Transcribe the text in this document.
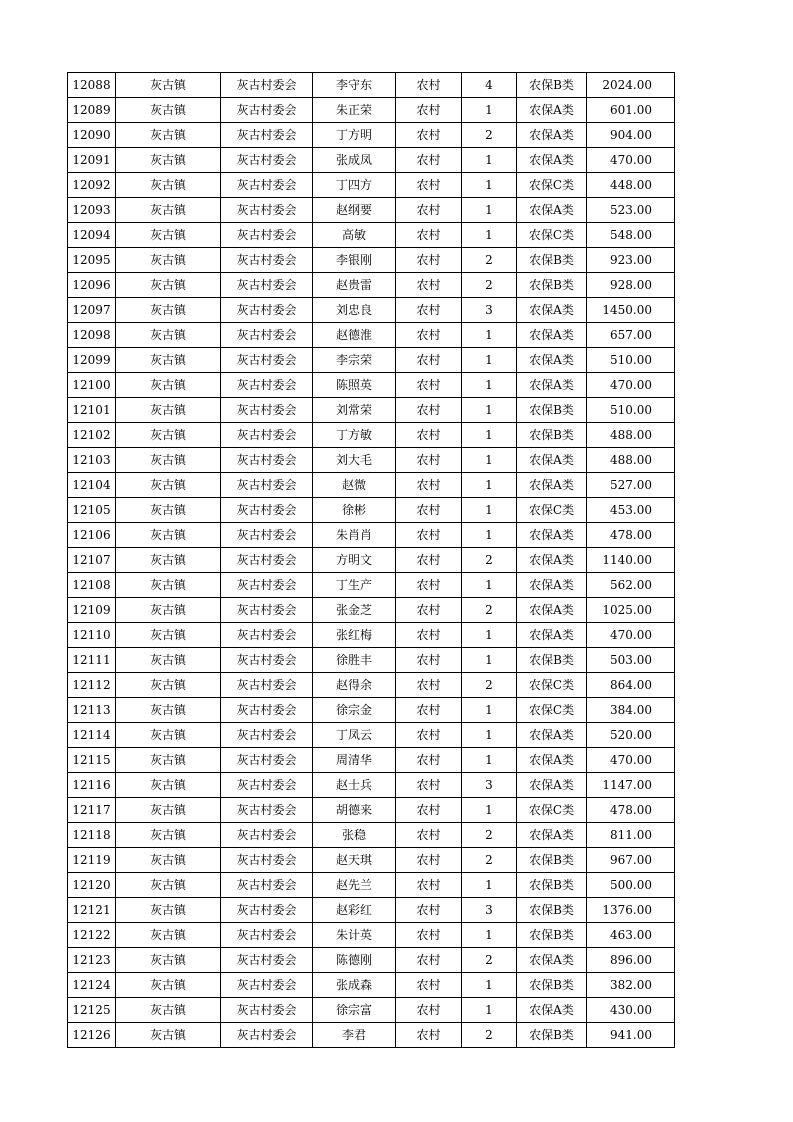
12088	灰古镇	灰古村委会	李守东	农村	4	农保B类	2024.00
12089	灰古镇	灰古村委会	朱正荣	农村	1	农保A类	601.00
12090	灰古镇	灰古村委会	丁方明	农村	2	农保A类	904.00
12091	灰古镇	灰古村委会	张成凤	农村	1	农保A类	470.00
12092	灰古镇	灰古村委会	丁四方	农村	1	农保C类	448.00
12093	灰古镇	灰古村委会	赵纲要	农村	1	农保A类	523.00
12094	灰古镇	灰古村委会	高敏	农村	1	农保C类	548.00
12095	灰古镇	灰古村委会	李银刚	农村	2	农保B类	923.00
12096	灰古镇	灰古村委会	赵贵雷	农村	2	农保B类	928.00
12097	灰古镇	灰古村委会	刘忠良	农村	3	农保A类	1450.00
12098	灰古镇	灰古村委会	赵德淮	农村	1	农保A类	657.00
12099	灰古镇	灰古村委会	李宗荣	农村	1	农保A类	510.00
12100	灰古镇	灰古村委会	陈照英	农村	1	农保A类	470.00
12101	灰古镇	灰古村委会	刘常荣	农村	1	农保B类	510.00
12102	灰古镇	灰古村委会	丁方敏	农村	1	农保B类	488.00
12103	灰古镇	灰古村委会	刘大毛	农村	1	农保A类	488.00
12104	灰古镇	灰古村委会	赵微	农村	1	农保A类	527.00
12105	灰古镇	灰古村委会	徐彬	农村	1	农保C类	453.00
12106	灰古镇	灰古村委会	朱肖肖	农村	1	农保A类	478.00
12107	灰古镇	灰古村委会	方明文	农村	2	农保A类	1140.00
12108	灰古镇	灰古村委会	丁生产	农村	1	农保A类	562.00
12109	灰古镇	灰古村委会	张金芝	农村	2	农保A类	1025.00
12110	灰古镇	灰古村委会	张红梅	农村	1	农保A类	470.00
12111	灰古镇	灰古村委会	徐胜丰	农村	1	农保B类	503.00
12112	灰古镇	灰古村委会	赵得余	农村	2	农保C类	864.00
12113	灰古镇	灰古村委会	徐宗金	农村	1	农保C类	384.00
12114	灰古镇	灰古村委会	丁凤云	农村	1	农保A类	520.00
12115	灰古镇	灰古村委会	周清华	农村	1	农保A类	470.00
12116	灰古镇	灰古村委会	赵士兵	农村	3	农保A类	1147.00
12117	灰古镇	灰古村委会	胡德来	农村	1	农保C类	478.00
12118	灰古镇	灰古村委会	张稳	农村	2	农保A类	811.00
12119	灰古镇	灰古村委会	赵天琪	农村	2	农保B类	967.00
12120	灰古镇	灰古村委会	赵先兰	农村	1	农保B类	500.00
12121	灰古镇	灰古村委会	赵彩红	农村	3	农保B类	1376.00
12122	灰古镇	灰古村委会	朱计英	农村	1	农保B类	463.00
12123	灰古镇	灰古村委会	陈德刚	农村	2	农保A类	896.00
12124	灰古镇	灰古村委会	张成森	农村	1	农保B类	382.00
12125	灰古镇	灰古村委会	徐宗富	农村	1	农保A类	430.00
12126	灰古镇	灰古村委会	李君	农村	2	农保B类	941.00
